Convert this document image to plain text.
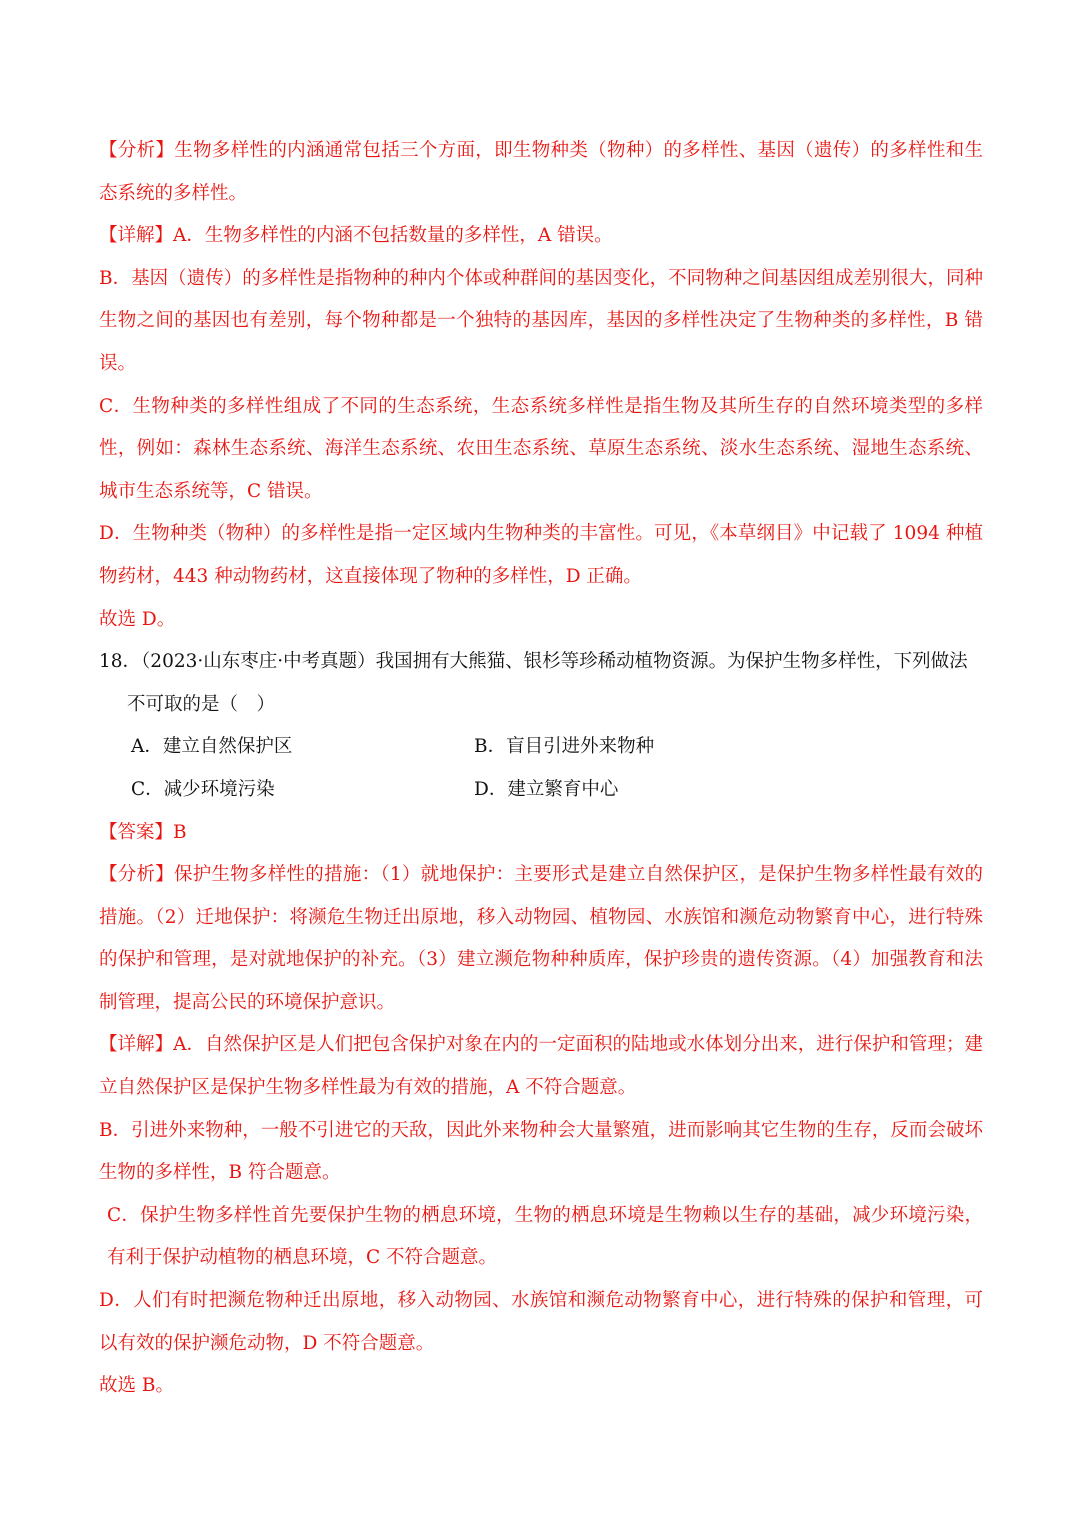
【分析】生物多样性的内涵通常包括三个方面，即生物种类（物种）的多样性、基因（遗传）的多样性和生态系统的多样性。

【详解】A．生物多样性的内涵不包括数量的多样性，A 错误。

B．基因（遗传）的多样性是指物种的种内个体或种群间的基因变化，不同物种之间基因组成差别很大，同种生物之间的基因也有差别，每个物种都是一个独特的基因库，基因的多样性决定了生物种类的多样性，B 错误。

C．生物种类的多样性组成了不同的生态系统，生态系统多样性是指生物及其所生存的自然环境类型的多样性，例如：森林生态系统、海洋生态系统、农田生态系统、草原生态系统、淡水生态系统、湿地生态系统、城市生态系统等，C 错误。

D．生物种类（物种）的多样性是指一定区域内生物种类的丰富性。可见，《本草纲目》中记载了 1094 种植物药材，443 种动物药材，这直接体现了物种的多样性，D 正确。

故选 D。

18．（2023·山东枣庄·中考真题）我国拥有大熊猫、银杉等珍稀动植物资源。为保护生物多样性，下列做法

不可取的是（　）

A．建立自然保护区	B．盲目引进外来物种
C．减少环境污染	D．建立繁育中心

【答案】B

【分析】保护生物多样性的措施：（1）就地保护：主要形式是建立自然保护区，是保护生物多样性最有效的措施。（2）迁地保护：将濒危生物迁出原地，移入动物园、植物园、水族馆和濒危动物繁育中心，进行特殊的保护和管理，是对就地保护的补充。（3）建立濒危物种种质库，保护珍贵的遗传资源。（4）加强教育和法制管理，提高公民的环境保护意识。

【详解】A．自然保护区是人们把包含保护对象在内的一定面积的陆地或水体划分出来，进行保护和管理；建立自然保护区是保护生物多样性最为有效的措施，A 不符合题意。

B．引进外来物种，一般不引进它的天敌，因此外来物种会大量繁殖，进而影响其它生物的生存，反而会破坏生物的多样性，B 符合题意。

C．保护生物多样性首先要保护生物的栖息环境，生物的栖息环境是生物赖以生存的基础，减少环境污染，有利于保护动植物的栖息环境，C 不符合题意。

D．人们有时把濒危物种迁出原地，移入动物园、水族馆和濒危动物繁育中心，进行特殊的保护和管理，可以有效的保护濒危动物，D 不符合题意。

故选 B。
